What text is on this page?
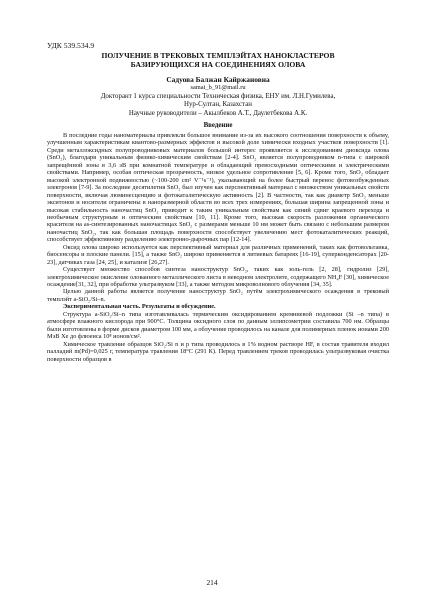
УДК 539.534.9

ПОЛУЧЕНИЕ В ТРЕКОВЫХ ТЕМПЛЭЙТАХ НАНОКЛАСТЕРОВ
БАЗИРУЮЩИХСЯ НА СОЕДИНЕНИЯХ ОЛОВА

Садуова Балжан Кайржановна

samai_b_91@mail.ru

Докторант 1 курса специальности Техническая физика, ЕНУ им. Л.Н.Гумилева,

Нур-Султан, Казахстан

Научные руководители – Акылбеков А.Т., Даулетбекова А.К.

Введение

В последние годы наноматериалы привлекли большое внимание из-за их высокого соотношения поверхности к объему, улучшенным характеристикам квантово-размерных эффектов и высокой доле химически входных участков поверхности [1]. Среди металлоксидных полупроводниковых материалов большой интерес проявляется к исследованиям диоксида олова (SnO₂), благодаря уникальным физико-химическим свойствам [2-4]. SnO₂ является полупроводником n-типа с широкой запрещённой зоны в 3,6 эВ при комнатной температуре и обладающий превосходными оптическими и электрическими свойствами. Например, особая оптическая прозрачность, низкое удельное сопротивление [5, 6]. Кроме того, SnO₂ обладает высокой электронной подвижностью (~100-200 cm² V⁻¹s⁻¹), указывающий на более быстрый перенос фотовозбужденных электронов [7-9]. За последние десятилетия SnO₂ был изучен как перспективный материал с множеством уникальных свойств поверхности, включая люминесценцию и фотокаталитическую активность [2]. В частности, так как диаметр SnO₂ меньше экситонов и носители ограничены в наноразмерной области во всех трех измерениях, большая ширина запрещенной зоны и высокая стабильность наночастиц SnO₂ приводит к таким уникальным свойствам как синий сдвиг краевого перехода и необычным структурным и оптическим свойствам [10, 11]. Кроме того, высокая скорость разложения органического красителя на as-синтезированных наночастицах SnO₂ с размерами меньше 10 нм может быть связано с небольшим размером наночастиц SnO₂, так как большая площадь поверхности способствует увеличению мест фотокаталитических реакций, способствует эффективному разделению электронно-дырочных пар [12-14].

Оксид олова широко используется как перспективный материал для различных применений, таких как фотовольтаика, биосенсоры и плоские панели. [15], а также SnO₂ широко применяется в литиевых батареях [16-19], суперконденсаторах [20-23], датчиках газа [24, 25], и катализе [26,27].

Существует множество способов синтеза наноструктур SnO₂, таких как золь-гель [2, 28], гидролиз [29], электрохимическое окисление олованного металлического листа в неводном электролите, содержащего NH₄F [30], химическое осаждение[31, 32], при обработке ультразвуком [33], а также методом микроволнового облучения [34, 35].

Целью данной работы является получение наноструктур SnO₂ путём электрохимического осаждения в трековый темплэйт a-SiO₂/Si–n.

Экспериментальная часть. Результаты и обсуждение.

Структура a-SiO₂/Si–n типа изготавливалась термическим оксидированием кремниевой подложки (Si –n типа) в атмосфере влажного кислорода при 900°C. Толщина оксидного слоя по данным эллипсометрии составила 700 нм. Образцы были изготовлены в форме дисков диаметром 100 мм, а облучение проводилось на канале для полимерных пленок ионами 200 МэВ Xe до флюенса 10⁸ ионов/см².

Химическое травление образцов SiO₂/Si n и p типа проводилось в 1% водном растворе HF, в состав травителя входил палладий m(Pd)=0,025 г, температура травления 18°C (291 К). Перед травлением треков проводилась ультразвуковая очистка поверхности образцов в

214
